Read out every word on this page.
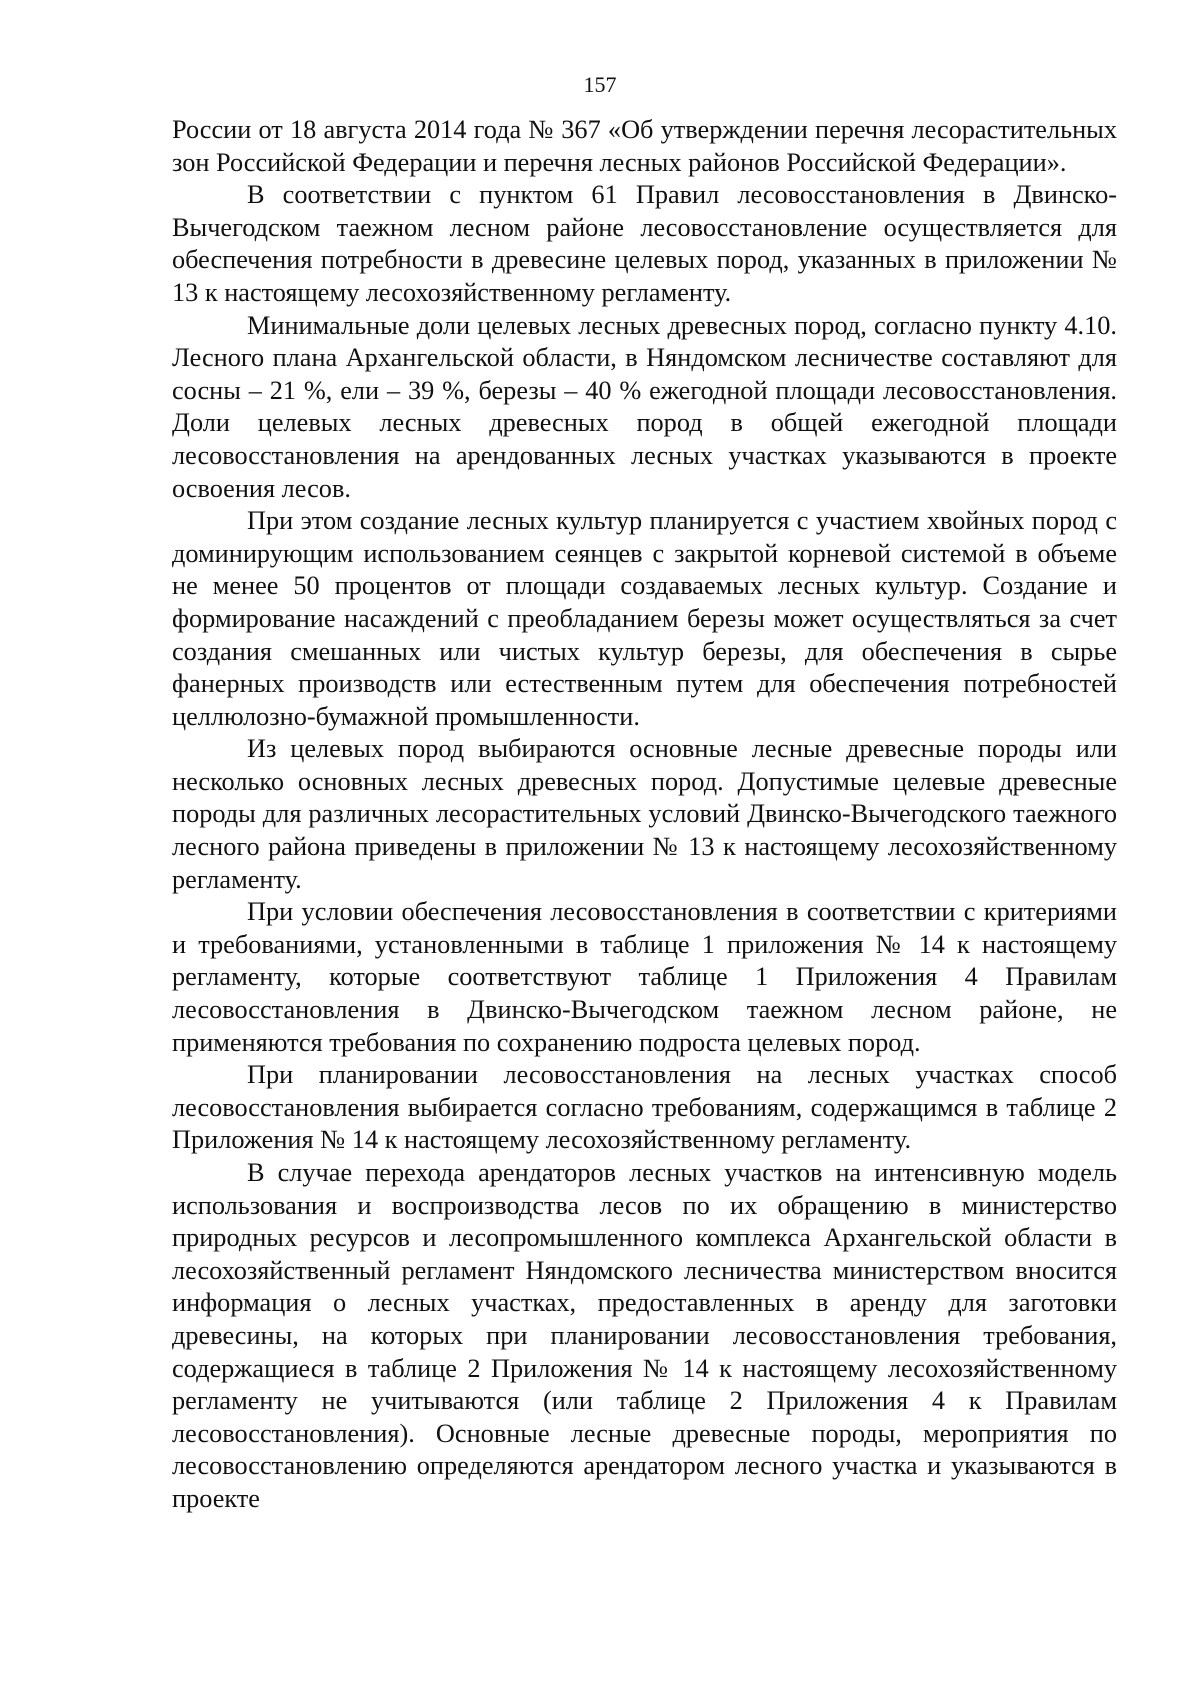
157

России от 18 августа 2014 года № 367 «Об утверждении перечня лесорастительных зон Российской Федерации и перечня лесных районов Российской Федерации».

В соответствии с пунктом 61 Правил лесовосстановления в Двинско-Вычегодском таежном лесном районе лесовосстановление осуществляется для обеспечения потребности в древесине целевых пород, указанных в приложении № 13 к настоящему лесохозяйственному регламенту.

Минимальные доли целевых лесных древесных пород, согласно пункту 4.10. Лесного плана Архангельской области, в Няндомском лесничестве составляют для сосны – 21 %, ели – 39 %, березы – 40 % ежегодной площади лесовосстановления. Доли целевых лесных древесных пород в общей ежегодной площади лесовосстановления на арендованных лесных участках указываются в проекте освоения лесов.

При этом создание лесных культур планируется с участием хвойных пород с доминирующим использованием сеянцев с закрытой корневой системой в объеме не менее 50 процентов от площади создаваемых лесных культур. Создание и формирование насаждений с преобладанием березы может осуществляться за счет создания смешанных или чистых культур березы, для обеспечения в сырье фанерных производств или естественным путем для обеспечения потребностей целлюлозно-бумажной промышленности.

Из целевых пород выбираются основные лесные древесные породы или несколько основных лесных древесных пород. Допустимые целевые древесные породы для различных лесорастительных условий Двинско-Вычегодского таежного лесного района приведены в приложении № 13 к настоящему лесохозяйственному регламенту.

При условии обеспечения лесовосстановления в соответствии с критериями и требованиями, установленными в таблице 1 приложения № 14 к настоящему регламенту, которые соответствуют таблице 1 Приложения 4 Правилам лесовосстановления в Двинско-Вычегодском таежном лесном районе, не применяются требования по сохранению подроста целевых пород.

При планировании лесовосстановления на лесных участках способ лесовосстановления выбирается согласно требованиям, содержащимся в таблице 2 Приложения № 14 к настоящему лесохозяйственному регламенту.

В случае перехода арендаторов лесных участков на интенсивную модель использования и воспроизводства лесов по их обращению в министерство природных ресурсов и лесопромышленного комплекса Архангельской области в лесохозяйственный регламент Няндомского лесничества министерством вносится информация о лесных участках, предоставленных в аренду для заготовки древесины, на которых при планировании лесовосстановления требования, содержащиеся в таблице 2 Приложения № 14 к настоящему лесохозяйственному регламенту не учитываются (или таблице 2 Приложения 4 к Правилам лесовосстановления). Основные лесные древесные породы, мероприятия по лесовосстановлению определяются арендатором лесного участка и указываются в проекте
